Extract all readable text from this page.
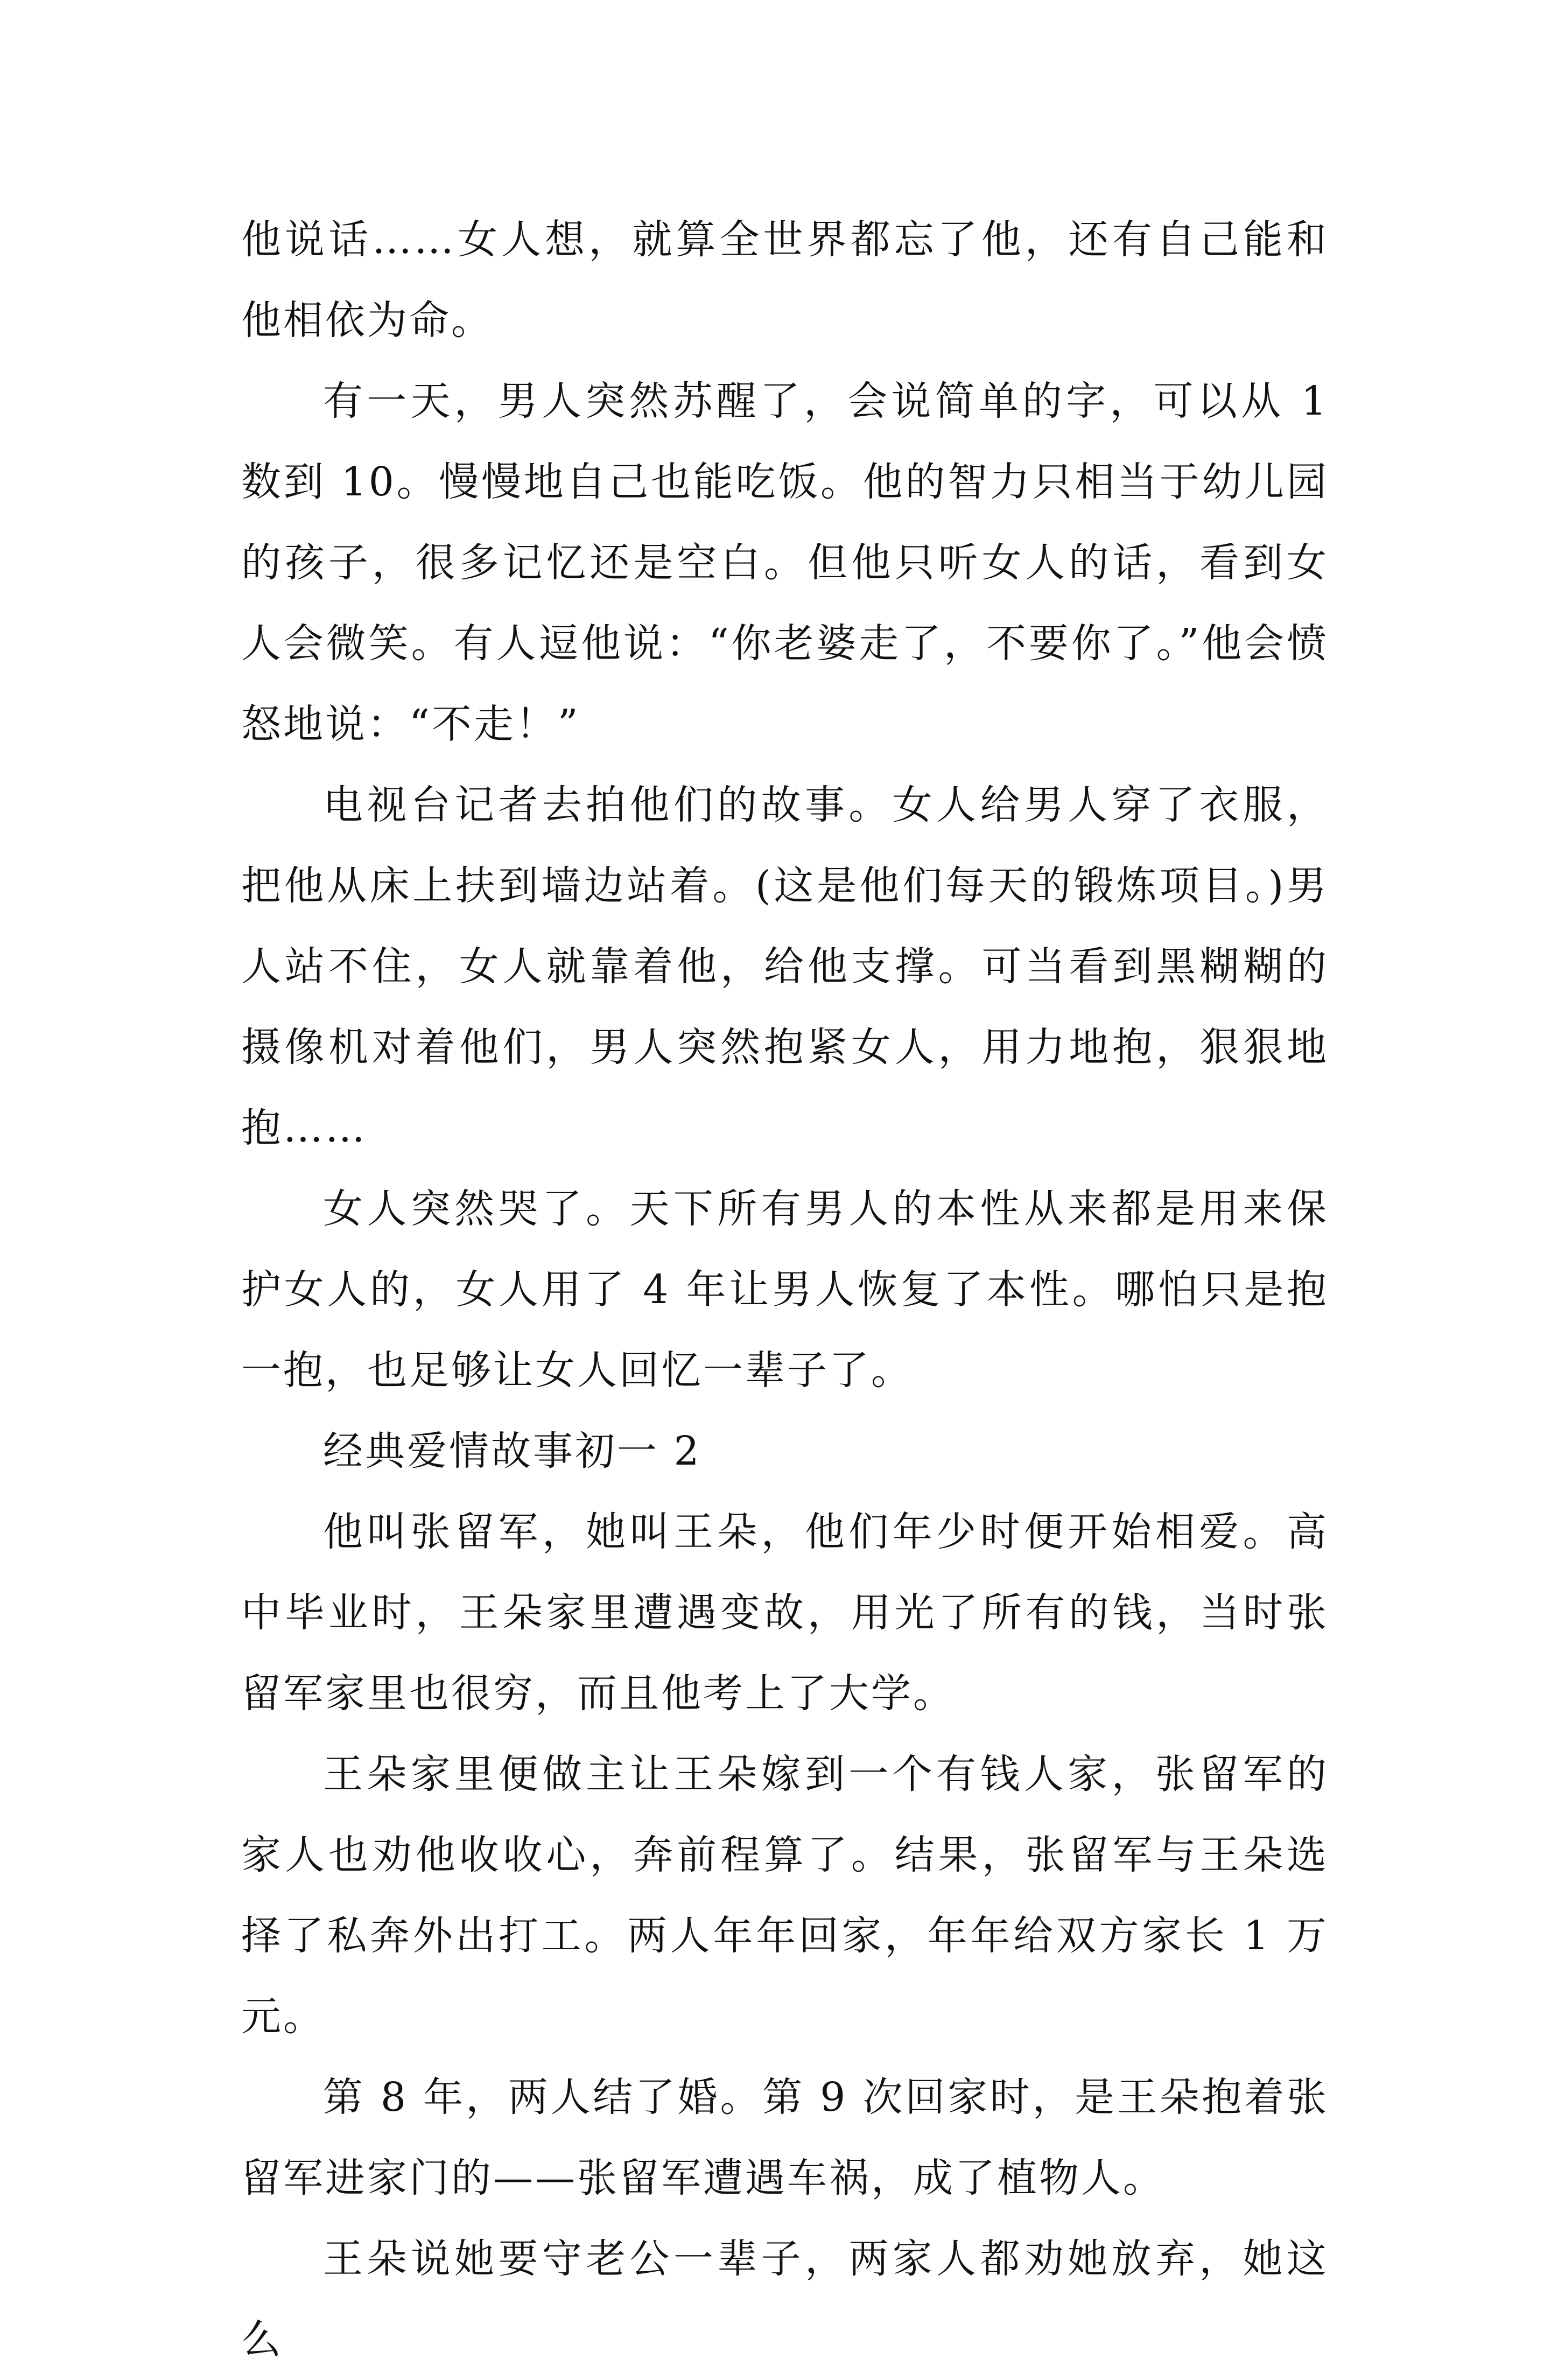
他说话……女人想，就算全世界都忘了他，还有自己能和他相依为命。

有一天，男人突然苏醒了，会说简单的字，可以从 1 数到 10。慢慢地自己也能吃饭。他的智力只相当于幼儿园的孩子，很多记忆还是空白。但他只听女人的话，看到女人会微笑。有人逗他说：“你老婆走了，不要你了。”他会愤怒地说：“不走！”

电视台记者去拍他们的故事。女人给男人穿了衣服，把他从床上扶到墙边站着。(这是他们每天的锻炼项目。)男人站不住，女人就靠着他，给他支撑。可当看到黑糊糊的摄像机对着他们，男人突然抱紧女人，用力地抱，狠狠地抱……

女人突然哭了。天下所有男人的本性从来都是用来保护女人的，女人用了 4 年让男人恢复了本性。哪怕只是抱一抱，也足够让女人回忆一辈子了。

经典爱情故事初一 2

他叫张留军，她叫王朵，他们年少时便开始相爱。高中毕业时，王朵家里遭遇变故，用光了所有的钱，当时张留军家里也很穷，而且他考上了大学。

王朵家里便做主让王朵嫁到一个有钱人家，张留军的家人也劝他收收心，奔前程算了。结果，张留军与王朵选择了私奔外出打工。两人年年回家，年年给双方家长 1 万元。

第 8 年，两人结了婚。第 9 次回家时，是王朵抱着张留军进家门的——张留军遭遇车祸，成了植物人。

王朵说她要守老公一辈子，两家人都劝她放弃，她这么
